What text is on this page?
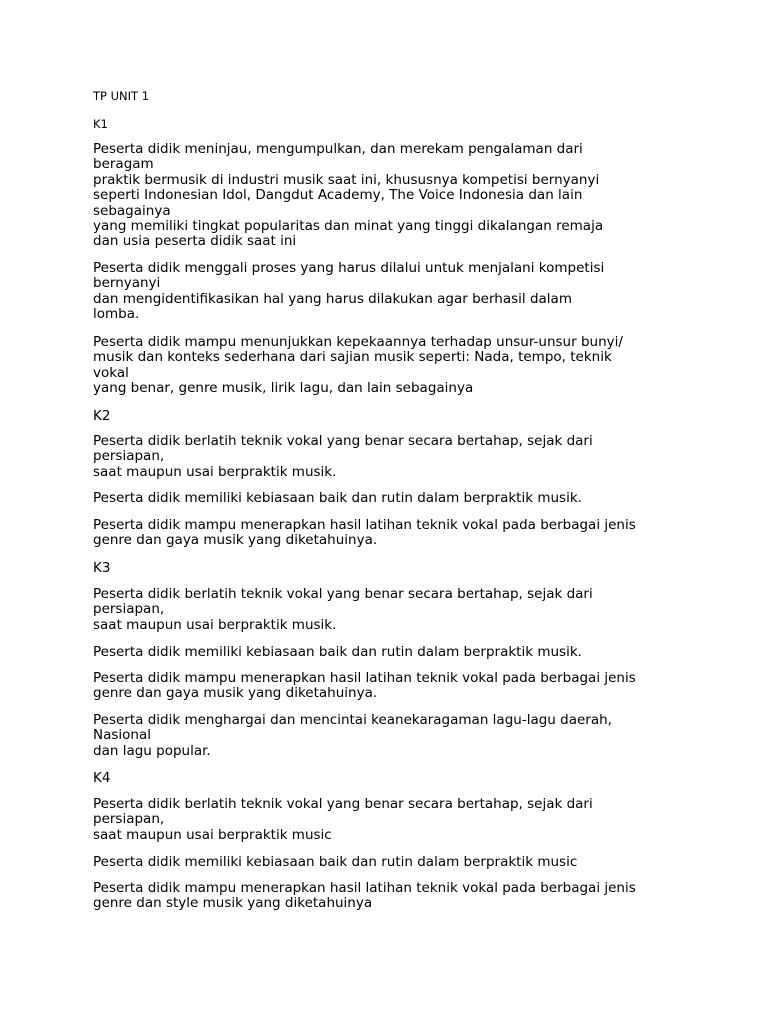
TP UNIT 1
K1
Peserta didik meninjau, mengumpulkan, dan merekam pengalaman dari
beragam
praktik bermusik di industri musik saat ini, khususnya kompetisi bernyanyi
seperti Indonesian Idol, Dangdut Academy, The Voice Indonesia dan lain
sebagainya
yang memiliki tingkat popularitas dan minat yang tinggi dikalangan remaja
dan usia peserta didik saat ini
Peserta didik menggali proses yang harus dilalui untuk menjalani kompetisi
bernyanyi
dan mengidentifikasikan hal yang harus dilakukan agar berhasil dalam
lomba.
Peserta didik mampu menunjukkan kepekaannya terhadap unsur-unsur bunyi/
musik dan konteks sederhana dari sajian musik seperti: Nada, tempo, teknik
vokal
yang benar, genre musik, lirik lagu, dan lain sebagainya
K2
Peserta didik berlatih teknik vokal yang benar secara bertahap, sejak dari
persiapan,
saat maupun usai berpraktik musik.
Peserta didik memiliki kebiasaan baik dan rutin dalam berpraktik musik.
Peserta didik mampu menerapkan hasil latihan teknik vokal pada berbagai jenis
genre dan gaya musik yang diketahuinya.
K3
Peserta didik berlatih teknik vokal yang benar secara bertahap, sejak dari
persiapan,
saat maupun usai berpraktik musik.
Peserta didik memiliki kebiasaan baik dan rutin dalam berpraktik musik.
Peserta didik mampu menerapkan hasil latihan teknik vokal pada berbagai jenis
genre dan gaya musik yang diketahuinya.
Peserta didik menghargai dan mencintai keanekaragaman lagu-lagu daerah,
Nasional
dan lagu popular.
K4
Peserta didik berlatih teknik vokal yang benar secara bertahap, sejak dari
persiapan,
saat maupun usai berpraktik music
Peserta didik memiliki kebiasaan baik dan rutin dalam berpraktik music
Peserta didik mampu menerapkan hasil latihan teknik vokal pada berbagai jenis
genre dan style musik yang diketahuinya
